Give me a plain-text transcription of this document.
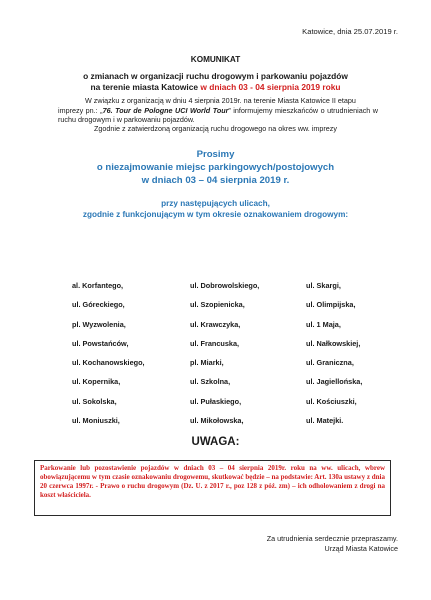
Katowice, dnia 25.07.2019 r.
KOMUNIKAT
o zmianach w organizacji ruchu drogowym i parkowaniu pojazdów
na terenie miasta Katowice w dniach 03 - 04 sierpnia 2019 roku
W związku z organizacją w dniu 4 sierpnia 2019r. na terenie Miasta Katowice II etapu
imprezy pn.: „76. Tour de Pologne UCI World Tour” informujemy mieszkańców o utrudnieniach w ruchu drogowym i w parkowaniu pojazdów.
Zgodnie z zatwierdzoną organizacją ruchu drogowego na okres ww. imprezy
Prosimy
o niezajmowanie miejsc parkingowych/postojowych
w dniach 03 – 04 sierpnia 2019 r.
przy następujących ulicach,
zgodnie z funkcjonującym w tym okresie oznakowaniem drogowym:
al. Korfantego,
ul. Góreckiego,
pl. Wyzwolenia,
ul. Powstańców,
ul. Kochanowskiego,
ul. Kopernika,
ul. Sokolska,
ul. Moniuszki,
ul. Dobrowolskiego,
ul. Szopienicka,
ul. Krawczyka,
ul. Francuska,
pl. Miarki,
ul. Szkolna,
ul. Pułaskiego,
ul. Mikołowska,
ul. Skargi,
ul. Olimpijska,
ul. 1 Maja,
ul. Nałkowskiej,
ul. Graniczna,
ul. Jagiellońska,
ul. Kościuszki,
ul. Matejki.
UWAGA:
Parkowanie lub pozostawienie pojazdów w dniach 03 – 04 sierpnia 2019r. roku na ww. ulicach, wbrew obowiązującemu w tym czasie oznakowaniu drogowemu, skutkować będzie – na podstawie: Art. 130a ustawy z dnia 20 czerwca 1997r. - Prawo o ruchu drogowym (Dz. U. z 2017 r., poz 128 z póź. zm) – ich odholowaniem z drogi na koszt właściciela.
Za utrudnienia serdecznie przepraszamy.
Urząd Miasta Katowice
